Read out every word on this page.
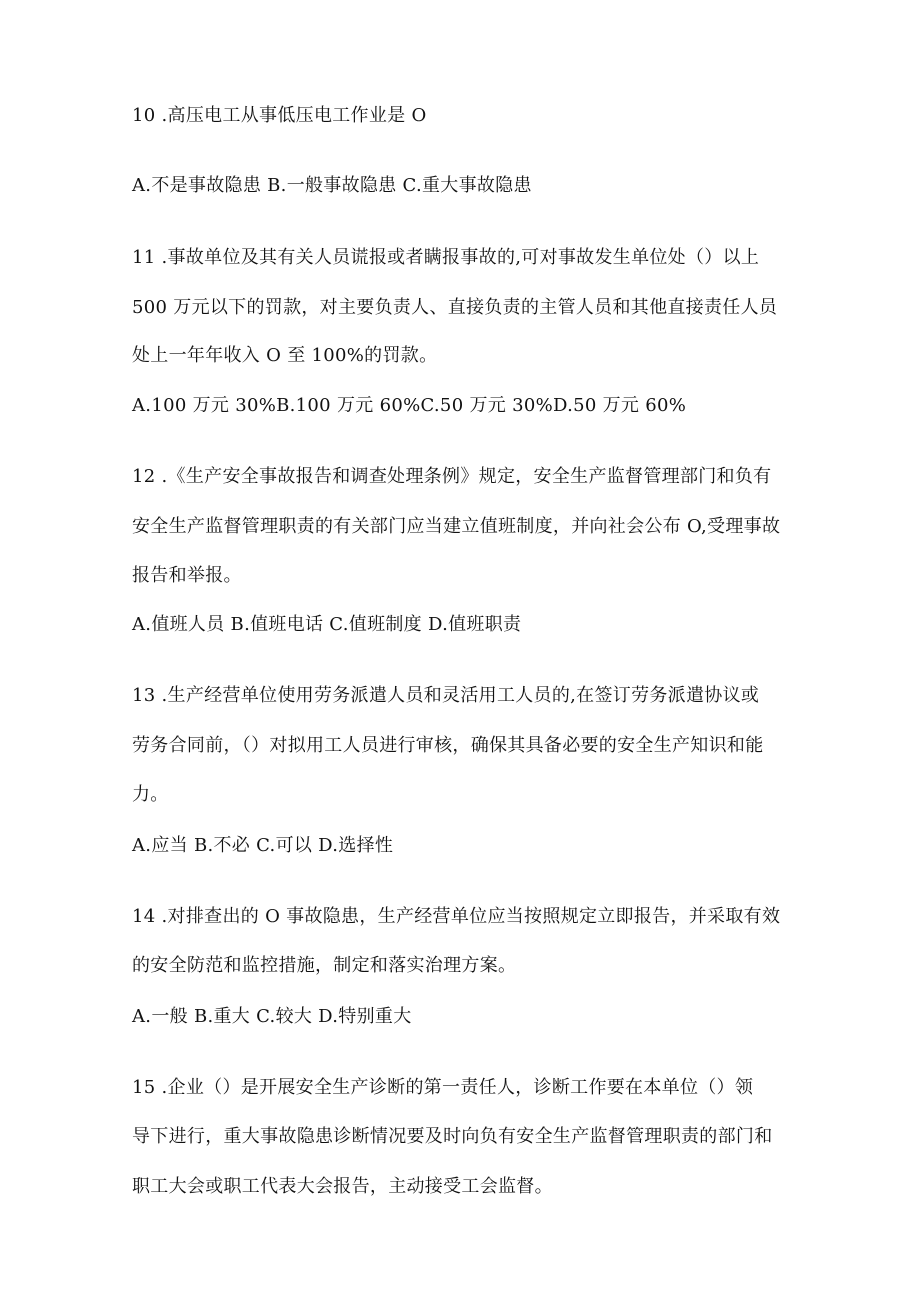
10 .高压电工从事低压电工作业是 O

A.不是事故隐患 B.一般事故隐患 C.重大事故隐患

11 .事故单位及其有关人员谎报或者瞒报事故的,可对事故发生单位处（）以上

500 万元以下的罚款，对主要负责人、直接负责的主管人员和其他直接责任人员

处上一年年收入 O 至 100%的罚款。

A.100 万元 30%B.100 万元 60%C.50 万元 30%D.50 万元 60%

12 .《生产安全事故报告和调查处理条例》规定，安全生产监督管理部门和负有

安全生产监督管理职责的有关部门应当建立值班制度，并向社会公布 O,受理事故

报告和举报。

A.值班人员 B.值班电话 C.值班制度 D.值班职责

13 .生产经营单位使用劳务派遣人员和灵活用工人员的,在签订劳务派遣协议或

劳务合同前，（）对拟用工人员进行审核，确保其具备必要的安全生产知识和能

力。

A.应当 B.不必 C.可以 D.选择性

14 .对排查出的 O 事故隐患，生产经营单位应当按照规定立即报告，并采取有效

的安全防范和监控措施，制定和落实治理方案。

A.一般 B.重大 C.较大 D.特别重大

15 .企业（）是开展安全生产诊断的第一责任人，诊断工作要在本单位（）领

导下进行，重大事故隐患诊断情况要及时向负有安全生产监督管理职责的部门和

职工大会或职工代表大会报告，主动接受工会监督。
